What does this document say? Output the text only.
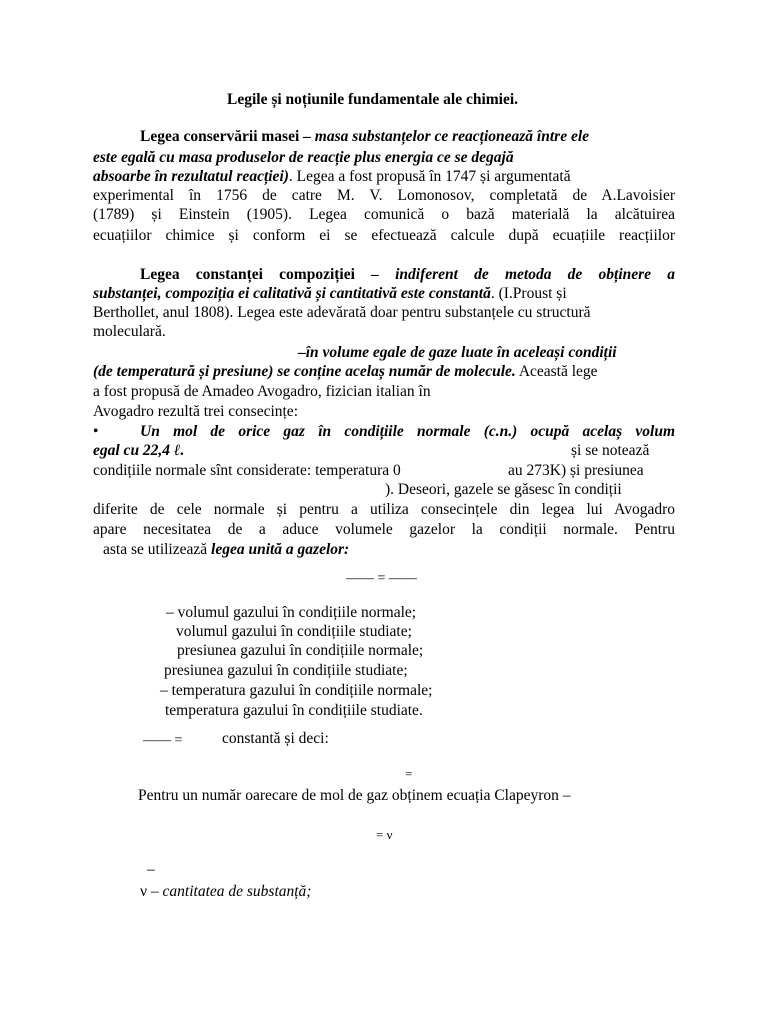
Legile și noțiunile fundamentale ale chimiei.
Legea conservării masei – masa substanțelor ce reacționează între ele
este egală cu masa produselor de reacție plus energia ce se degajă
absoarbe în rezultatul reacției). Legea a fost propusă în 1747 și argumentată
experimental în 1756 de catre M. V. Lomonosov, completată de A.Lavoisier
(1789) și Einstein (1905). Legea comunică o bază materială la alcătuirea
ecuațiilor chimice și conform ei se efectuează calcule după ecuațiile reacțiilor
Legea constanței compoziției – indiferent de metoda de obținere a
substanței, compoziția ei calitativă și cantitativă este constantă. (I.Proust și
Berthollet, anul 1808). Legea este adevărată doar pentru substanțele cu structură
moleculară.
–în volume egale de gaze luate în aceleași condiții
(de temperatură și presiune) se conține acelaș număr de molecule. Această lege
a fost propusă de Amadeo Avogadro, fizician italian în
Avogadro rezultă trei consecințe:
•	Un mol de orice gaz în condițiile normale (c.n.) ocupă acelaș volum
egal cu 22,4 ℓ.	și se notează
condițiile normale sînt considerate: temperatura 0	au 273K) și presiunea
). Deseori, gazele se găsesc în condiții
diferite de cele normale și pentru a utiliza consecințele din legea lui Avogadro
apare necesitatea de a aduce volumele gazelor la condiții normale. Pentru
asta se utilizează legea unită a gazelor:
—— = ——
– volumul gazului în condițiile normale;
volumul gazului în condițiile studiate;
presiunea gazului în condițiile normale;
presiunea gazului în condițiile studiate;
– temperatura gazului în condițiile normale;
temperatura gazului în condițiile studiate.
—— =	constantă și deci:
=
Pentru un număr oarecare de mol de gaz obținem ecuația Clapeyron –
= ν
–
ν – cantitatea de substanță;
